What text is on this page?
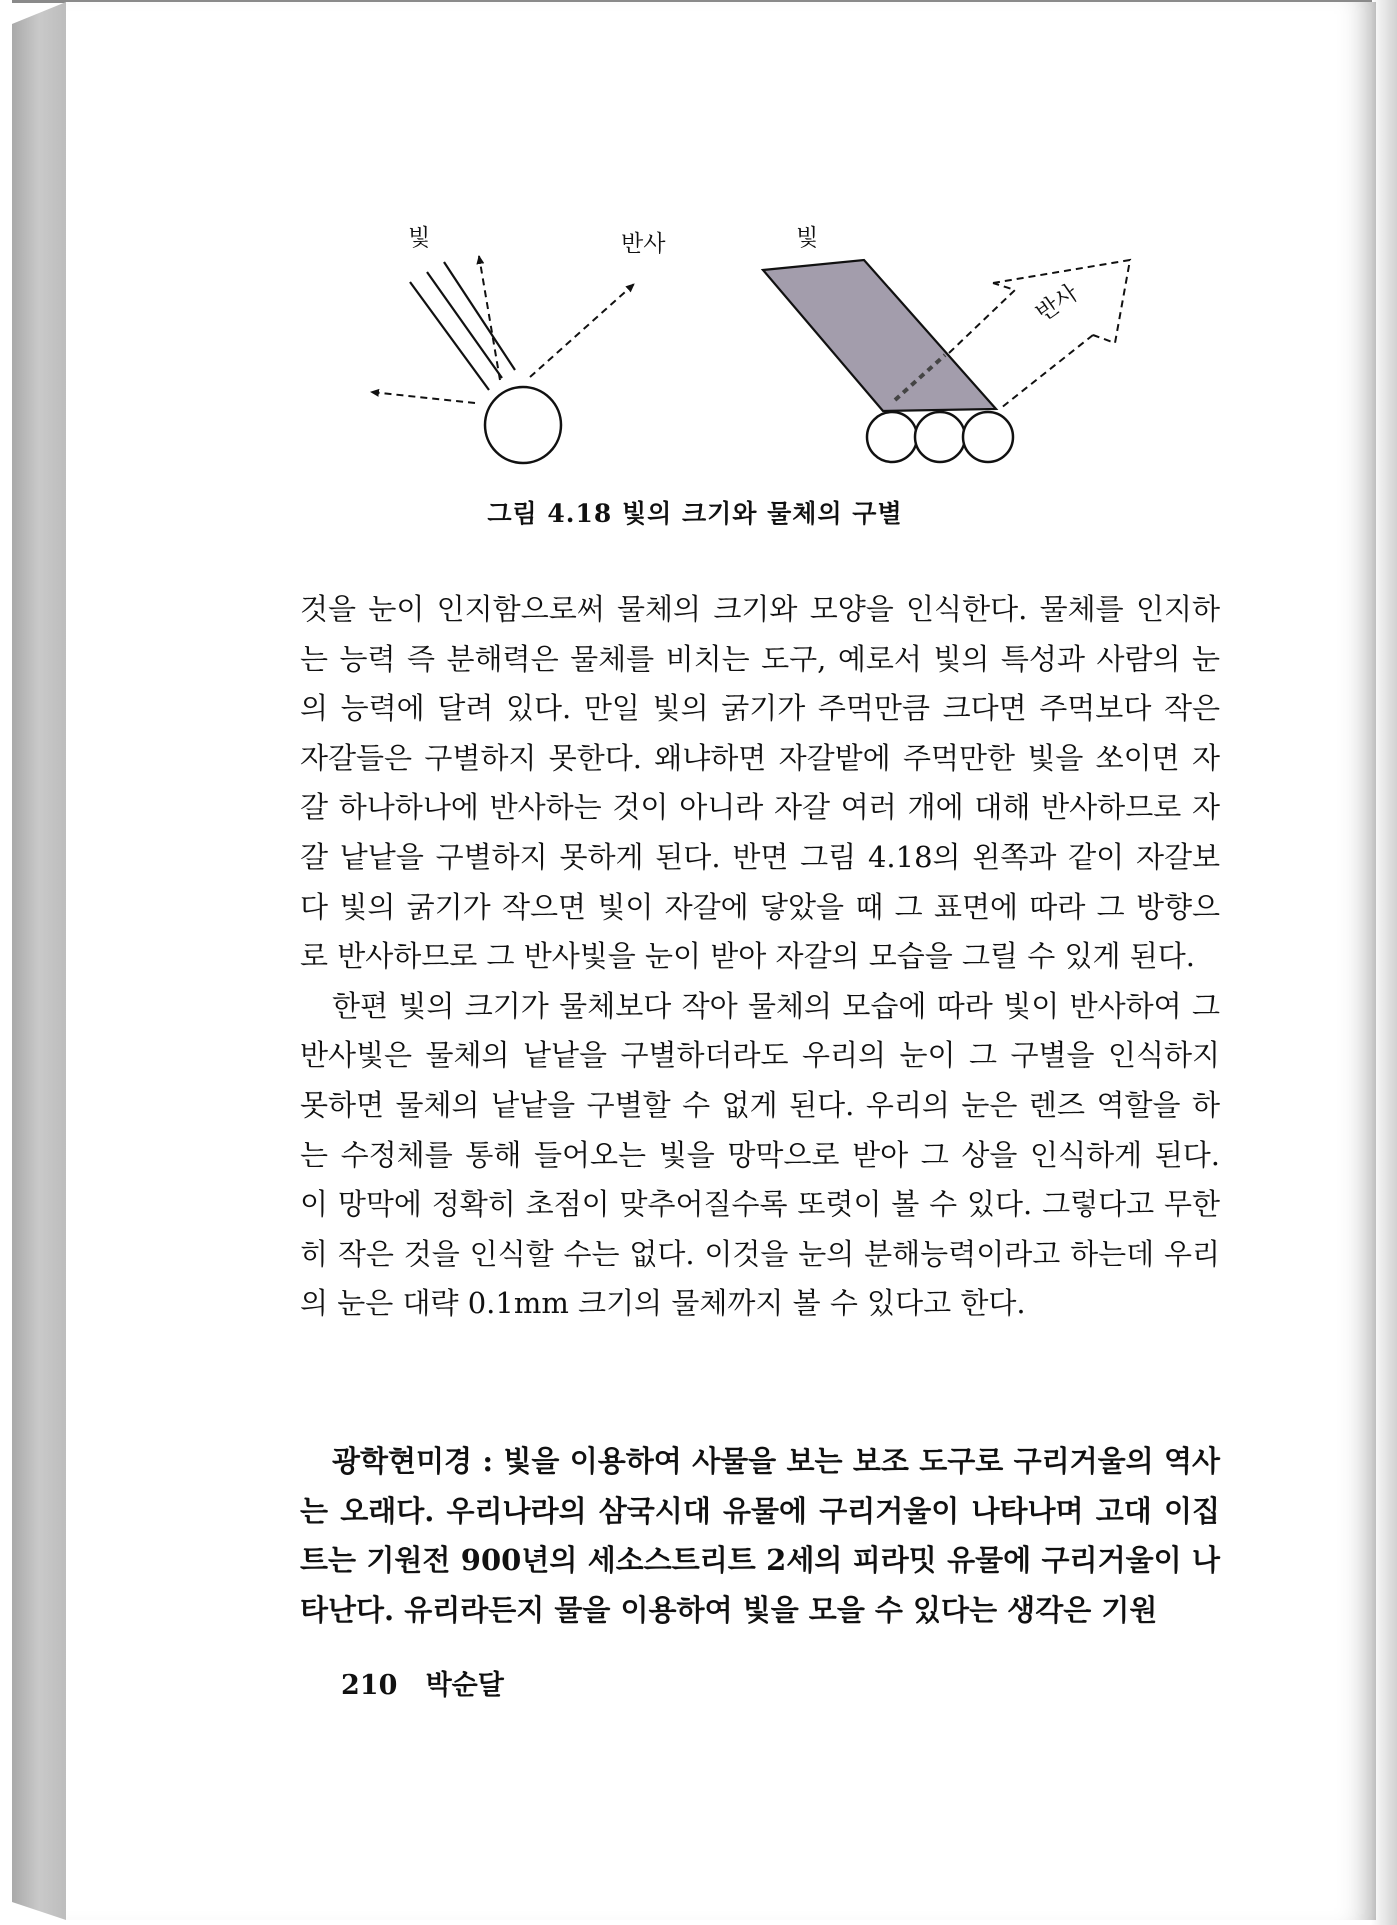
빛	반사	빛
반사
그림 4.18 빛의 크기와 물체의 구별

것을 눈이 인지함으로써 물체의 크기와 모양을 인식한다. 물체를 인지하는 능력 즉 분해력은 물체를 비치는 도구, 예로서 빛의 특성과 사람의 눈의 능력에 달려 있다. 만일 빛의 굵기가 주먹만큼 크다면 주먹보다 작은 자갈들은 구별하지 못한다. 왜냐하면 자갈밭에 주먹만한 빛을 쏘이면 자갈 하나하나에 반사하는 것이 아니라 자갈 여러 개에 대해 반사하므로 자갈 낱낱을 구별하지 못하게 된다. 반면 그림 4.18의 왼쪽과 같이 자갈보다 빛의 굵기가 작으면 빛이 자갈에 닿았을 때 그 표면에 따라 그 방향으로 반사하므로 그 반사빛을 눈이 받아 자갈의 모습을 그릴 수 있게 된다.

한편 빛의 크기가 물체보다 작아 물체의 모습에 따라 빛이 반사하여 그 반사빛은 물체의 낱낱을 구별하더라도 우리의 눈이 그 구별을 인식하지 못하면 물체의 낱낱을 구별할 수 없게 된다. 우리의 눈은 렌즈 역할을 하는 수정체를 통해 들어오는 빛을 망막으로 받아 그 상을 인식하게 된다. 이 망막에 정확히 초점이 맞추어질수록 또렷이 볼 수 있다. 그렇다고 무한히 작은 것을 인식할 수는 없다. 이것을 눈의 분해능력이라고 하는데 우리의 눈은 대략 0.1mm 크기의 물체까지 볼 수 있다고 한다.

광학현미경 : 빛을 이용하여 사물을 보는 보조 도구로 구리거울의 역사는 오래다. 우리나라의 삼국시대 유물에 구리거울이 나타나며 고대 이집트는 기원전 900년의 세소스트리트 2세의 피라밋 유물에 구리거울이 나타난다. 유리라든지 물을 이용하여 빛을 모을 수 있다는 생각은 기원

210 박순달
